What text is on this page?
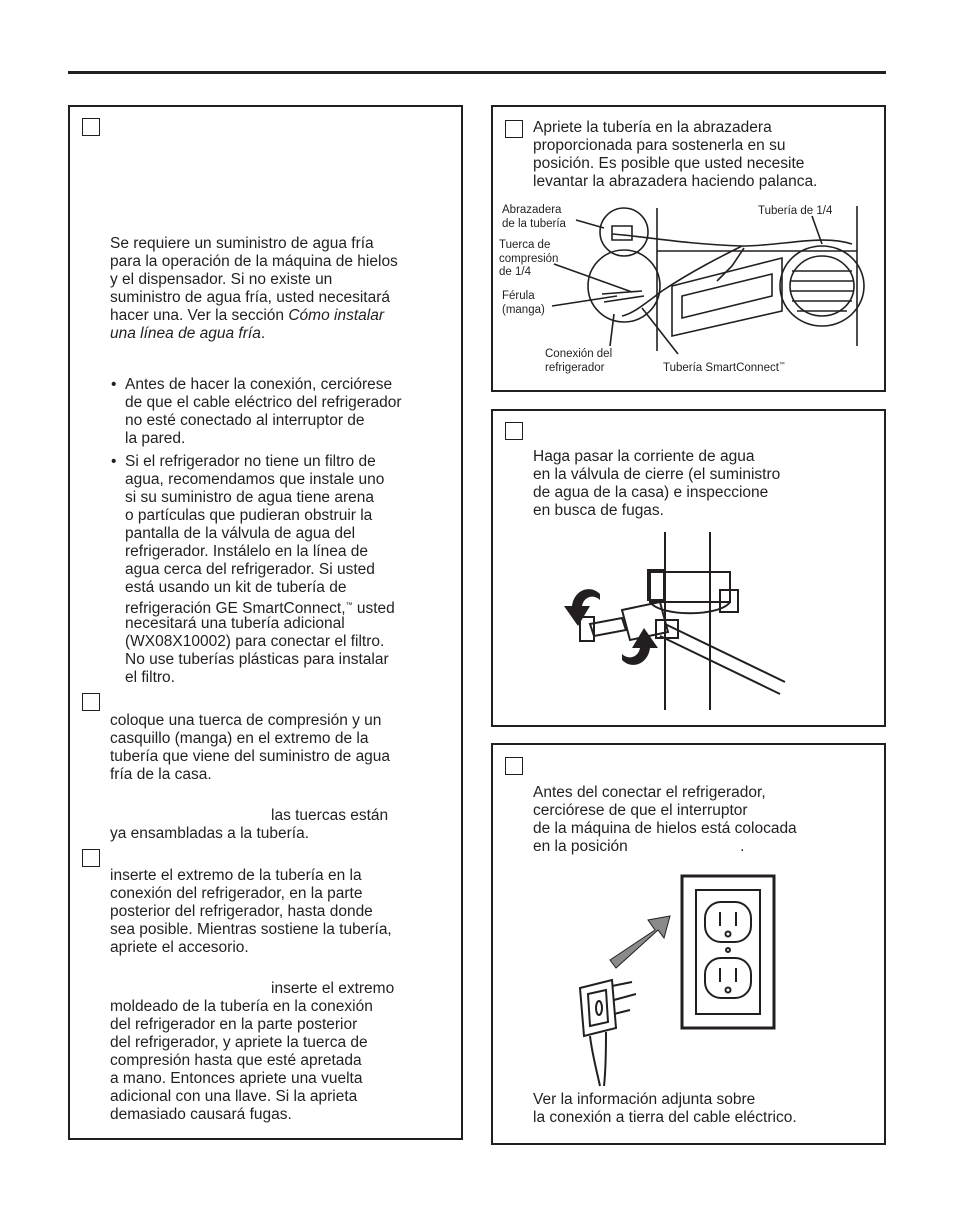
Se requiere un suministro de agua fría
para la operación de la máquina de hielos
y el dispensador. Si no existe un
suministro de agua fría, usted necesitará
hacer una. Ver la sección Cómo instalar
una línea de agua fría.
• Antes de hacer la conexión, cerciórese
de que el cable eléctrico del refrigerador
no esté conectado al interruptor de
la pared.
• Si el refrigerador no tiene un filtro de
agua, recomendamos que instale uno
si su suministro de agua tiene arena
o partículas que pudieran obstruir la
pantalla de la válvula de agua del
refrigerador. Instálelo en la línea de
agua cerca del refrigerador. Si usted
está usando un kit de tubería de
refrigeración GE SmartConnect,™ usted
necesitará una tubería adicional
(WX08X10002) para conectar el filtro.
No use tuberías plásticas para instalar
el filtro.
coloque una tuerca de compresión y un
casquillo (manga) en el extremo de la
tubería que viene del suministro de agua
fría de la casa.
las tuercas están
ya ensambladas a la tubería.
inserte el extremo de la tubería en la
conexión del refrigerador, en la parte
posterior del refrigerador, hasta donde
sea posible. Mientras sostiene la tubería,
apriete el accesorio.
inserte el extremo
moldeado de la tubería en la conexión
del refrigerador en la parte posterior
del refrigerador, y apriete la tuerca de
compresión hasta que esté apretada
a mano. Entonces apriete una vuelta
adicional con una llave. Si la aprieta
demasiado causará fugas.
Apriete la tubería en la abrazadera
proporcionada para sostenerla en su
posición. Es posible que usted necesite
levantar la abrazadera haciendo palanca.
Abrazadera
de la tubería
Tubería de 1/4
Tuerca de
compresión
de 1/4
Férula
(manga)
Conexión del
refrigerador	Tubería SmartConnect™
Haga pasar la corriente de agua
en la válvula de cierre (el suministro
de agua de la casa) e inspeccione
en busca de fugas.
Antes del conectar el refrigerador,
cerciórese de que el interruptor
de la máquina de hielos está colocada
en la posición	.
Ver la información adjunta sobre
la conexión a tierra del cable eléctrico.
